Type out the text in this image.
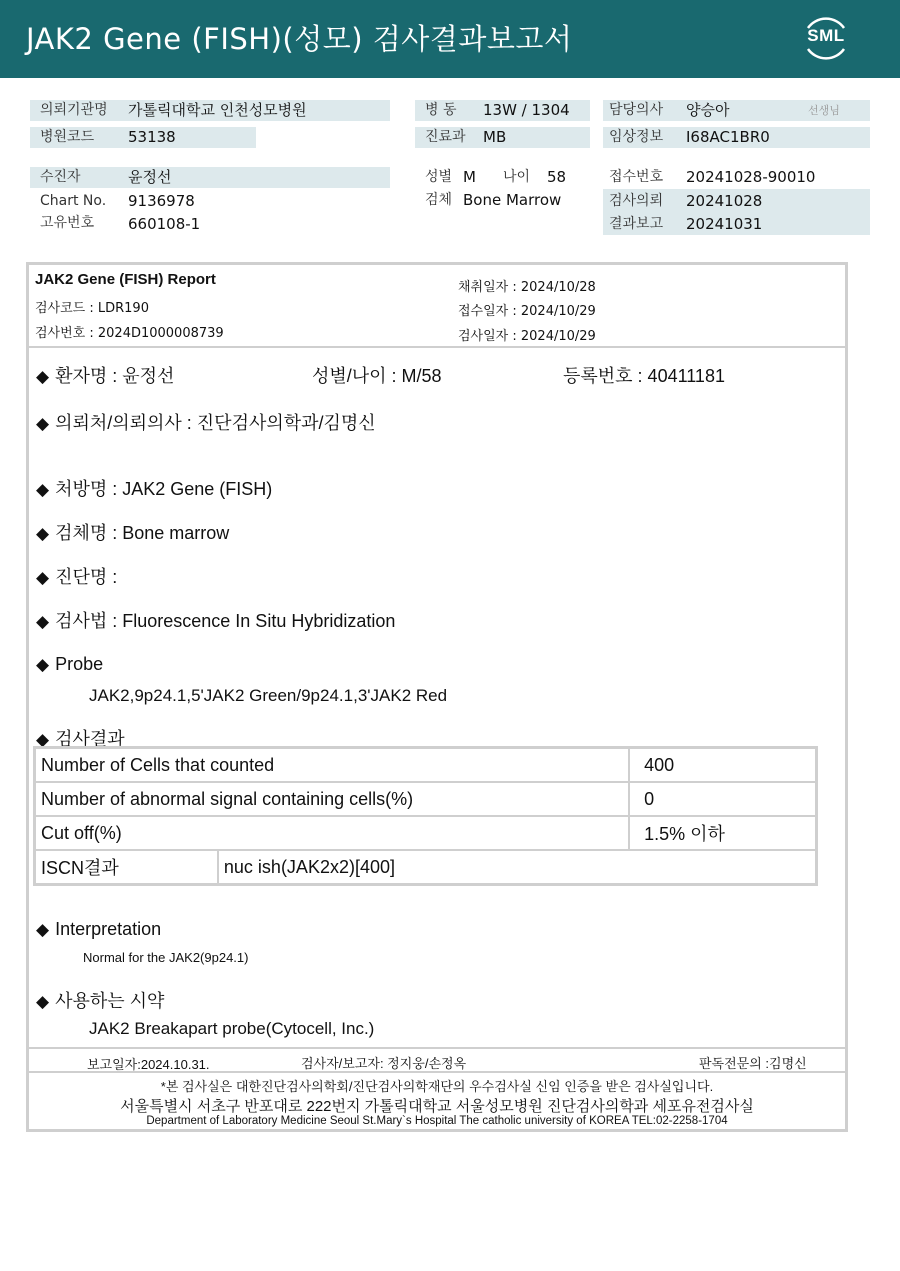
JAK2 Gene (FISH)(성모) 검사결과보고서	SML
의뢰기관명 가톨릭대학교 인천성모병원	병 동 13W / 1304	담당의사 양승아	선생님
병원코드 53138	진료과 MB	임상정보 I68AC1BR0
수진자	윤정선	성별 M 나이 58	접수번호 20241028-90010
Chart No. 9136978	검체 Bone Marrow	검사의뢰 20241028
고유번호 660108-1	결과보고 20241031
JAK2 Gene (FISH) Report
검사코드 : LDR190
검사번호 : 2024D1000008739
채취일자 : 2024/10/28
접수일자 : 2024/10/29
검사일자 : 2024/10/29
◆ 환자명 : 윤정선	성별/나이 : M/58	등록번호 : 40411181
◆ 의뢰처/의뢰의사 : 진단검사의학과/김명신
◆ 처방명 : JAK2 Gene (FISH)
◆ 검체명 : Bone marrow
◆ 진단명 :
◆ 검사법 : Fluorescence In Situ Hybridization
◆ Probe
JAK2,9p24.1,5'JAK2 Green/9p24.1,3'JAK2 Red
◆ 검사결과
Number of Cells that counted		400
Number of abnormal signal containing cells(%)		0
Cut off(%)		1.5% 이하
ISCN결과	nuc ish(JAK2x2)[400]	
◆ Interpretation
Normal for the JAK2(9p24.1)
◆ 사용하는 시약
JAK2 Breakapart probe(Cytocell, Inc.)
보고일자:2024.10.31.	검사자/보고자: 정지웅/손정옥	판독전문의 :김명신
*본 검사실은 대한진단검사의학회/진단검사의학재단의 우수검사실 신임 인증을 받은 검사실입니다.
서울특별시 서초구 반포대로 222번지 가톨릭대학교 서울성모병원 진단검사의학과 세포유전검사실
Department of Laboratory Medicine Seoul St.Mary`s Hospital The catholic university of KOREA TEL:02-2258-1704
